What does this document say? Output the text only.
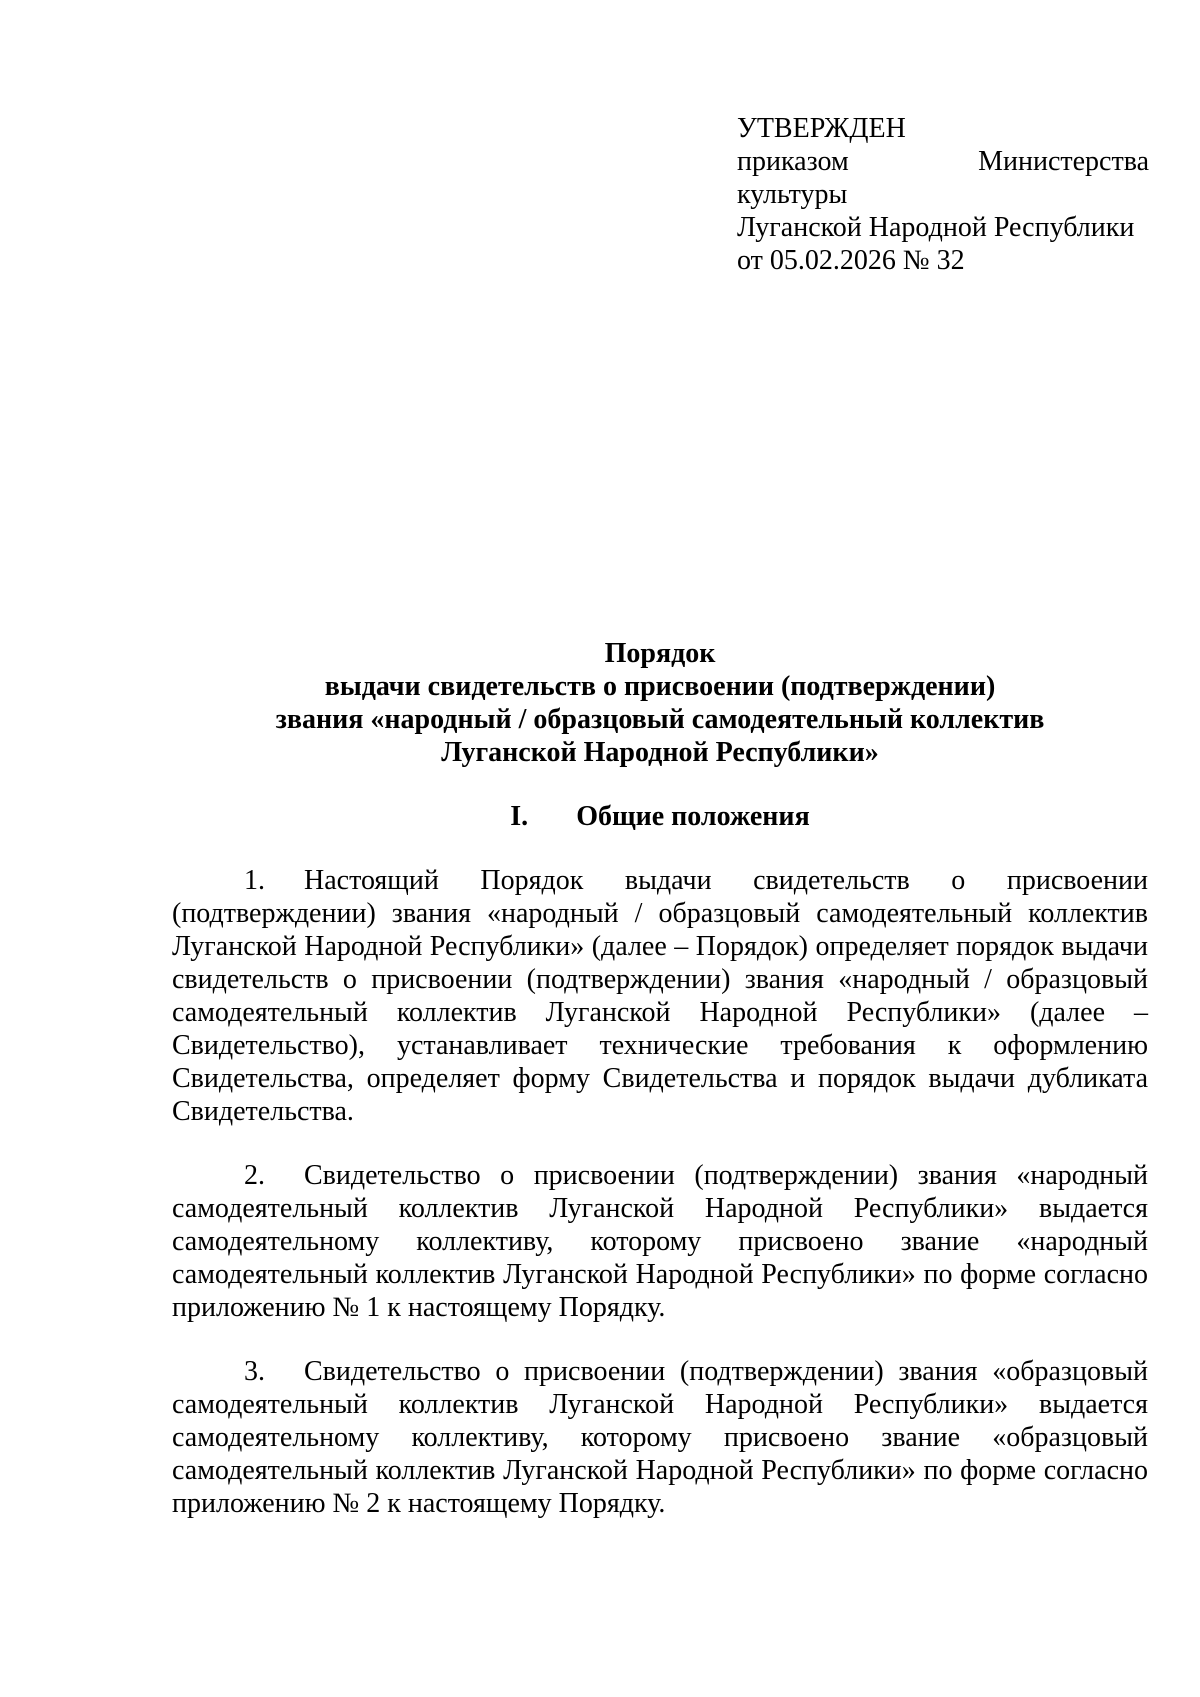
УТВЕРЖДЕН
приказом	Министерства
культуры
Луганской Народной Республики
от 05.02.2026 № 32
Порядок
выдачи свидетельств о присвоении (подтверждении)
звания «народный / образцовый самодеятельный коллектив
Луганской Народной Республики»
I. Общие положения
1. Настоящий Порядок выдачи свидетельств о присвоении (подтверждении) звания «народный / образцовый самодеятельный коллектив Луганской Народной Республики» (далее – Порядок) определяет порядок выдачи свидетельств о присвоении (подтверждении) звания «народный / образцовый самодеятельный коллектив Луганской Народной Республики» (далее – Свидетельство), устанавливает технические требования к оформлению Свидетельства, определяет форму Свидетельства и порядок выдачи дубликата Свидетельства.
2. Свидетельство о присвоении (подтверждении) звания «народный самодеятельный коллектив Луганской Народной Республики» выдается самодеятельному коллективу, которому присвоено звание «народный самодеятельный коллектив Луганской Народной Республики» по форме согласно приложению № 1 к настоящему Порядку.
3. Свидетельство о присвоении (подтверждении) звания «образцовый самодеятельный коллектив Луганской Народной Республики» выдается самодеятельному коллективу, которому присвоено звание «образцовый самодеятельный коллектив Луганской Народной Республики» по форме согласно приложению № 2 к настоящему Порядку.
